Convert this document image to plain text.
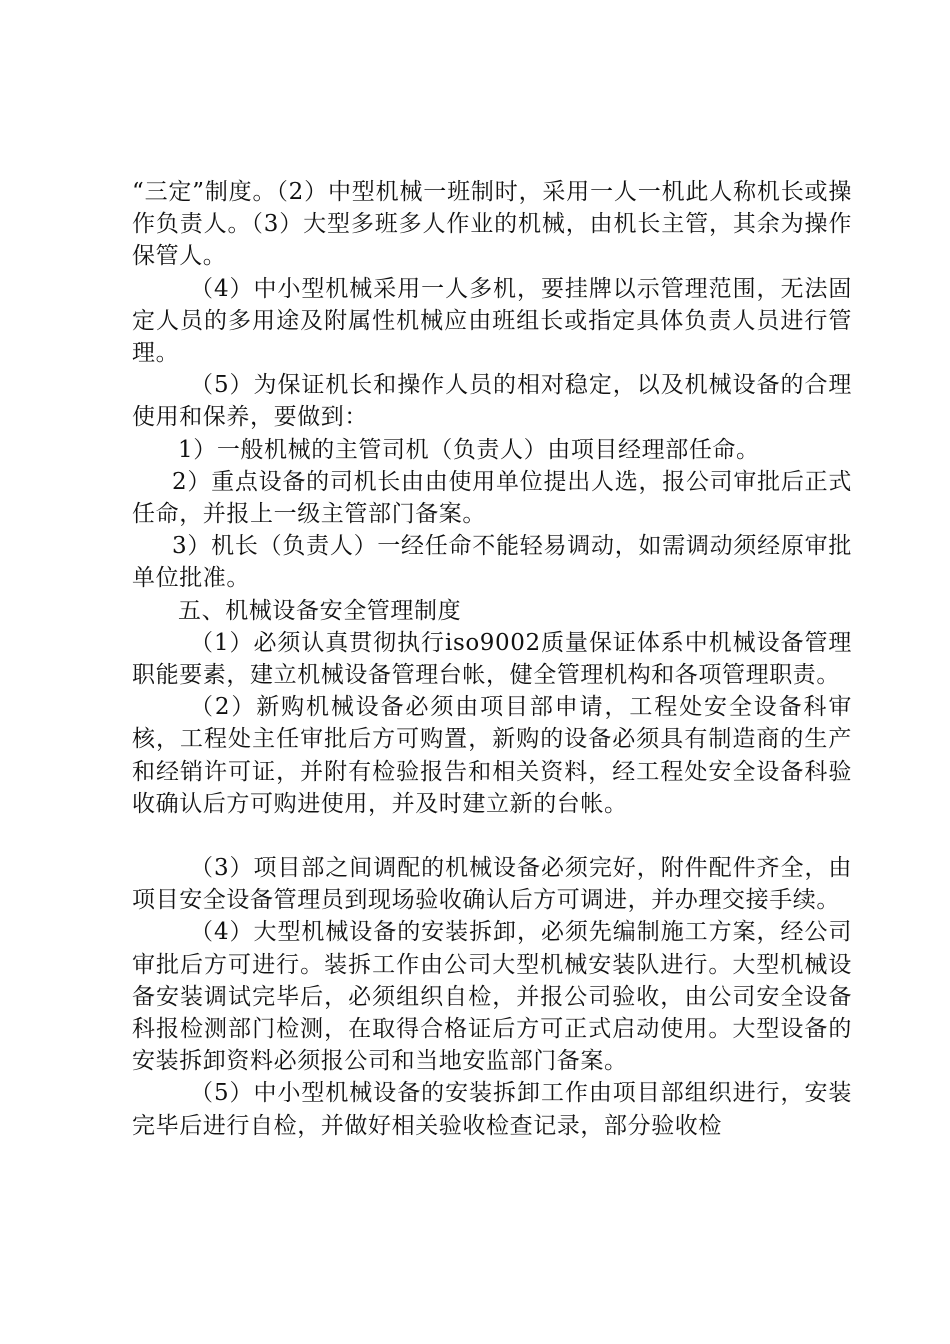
“三定”制度。（2）中型机械一班制时，采用一人一机此人称机长或操作负责人。（3）大型多班多人作业的机械，由机长主管，其余为操作保管人。

（4）中小型机械采用一人多机，要挂牌以示管理范围，无法固定人员的多用途及附属性机械应由班组长或指定具体负责人员进行管理。

（5）为保证机长和操作人员的相对稳定，以及机械设备的合理使用和保养，要做到：

1）一般机械的主管司机（负责人）由项目经理部任命。

2）重点设备的司机长由由使用单位提出人选，报公司审批后正式任命，并报上一级主管部门备案。

3）机长（负责人）一经任命不能轻易调动，如需调动须经原审批单位批准。

五、机械设备安全管理制度

（1）必须认真贯彻执行iso9002质量保证体系中机械设备管理职能要素，建立机械设备管理台帐，健全管理机构和各项管理职责。

（2）新购机械设备必须由项目部申请，工程处安全设备科审核，工程处主任审批后方可购置，新购的设备必须具有制造商的生产和经销许可证，并附有检验报告和相关资料，经工程处安全设备科验收确认后方可购进使用，并及时建立新的台帐。

（3）项目部之间调配的机械设备必须完好，附件配件齐全，由项目安全设备管理员到现场验收确认后方可调进，并办理交接手续。

（4）大型机械设备的安装拆卸，必须先编制施工方案，经公司审批后方可进行。装拆工作由公司大型机械安装队进行。大型机械设备安装调试完毕后，必须组织自检，并报公司验收，由公司安全设备科报检测部门检测，在取得合格证后方可正式启动使用。大型设备的安装拆卸资料必须报公司和当地安监部门备案。

（5）中小型机械设备的安装拆卸工作由项目部组织进行，安装完毕后进行自检，并做好相关验收检查记录，部分验收检
